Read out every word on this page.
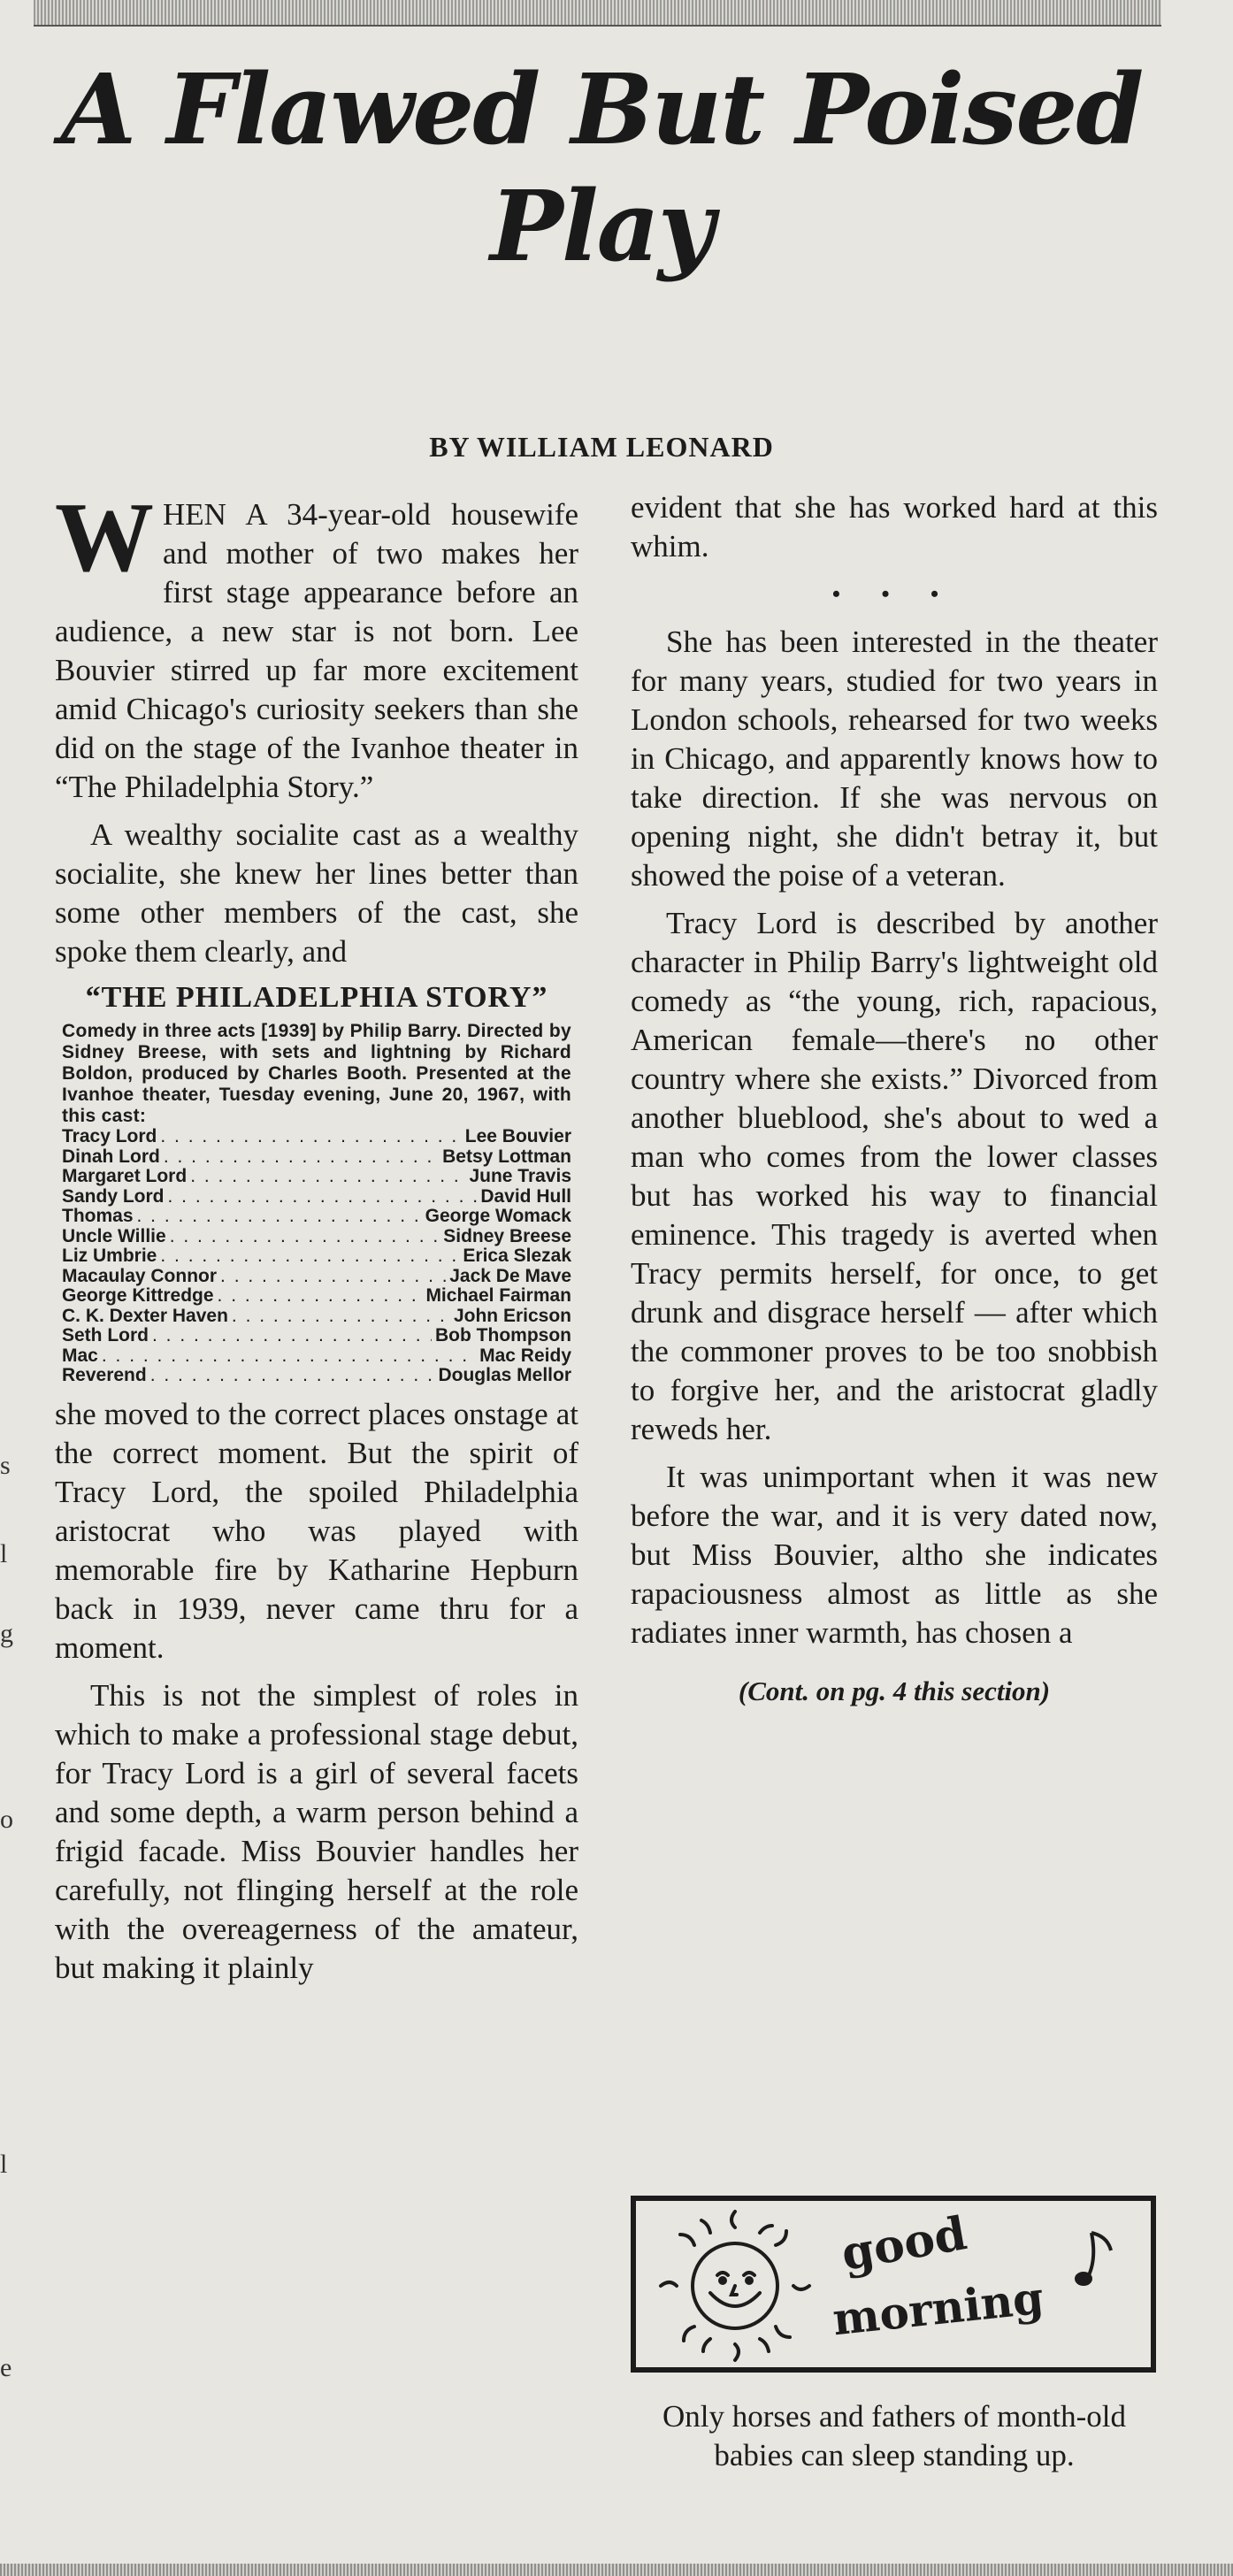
A Flawed But Poised Play
BY WILLIAM LEONARD

WHEN A 34-year-old housewife and mother of two makes her first stage appearance before an audience, a new star is not born. Lee Bouvier stirred up far more excitement amid Chicago's curiosity seekers than she did on the stage of the Ivanhoe theater in “The Philadelphia Story.”

A wealthy socialite cast as a wealthy socialite, she knew her lines better than some other members of the cast, she spoke them clearly, and

“THE PHILADELPHIA STORY”
Comedy in three acts [1939] by Philip Barry. Directed by Sidney Breese, with sets and lightning by Richard Boldon, produced by Charles Booth. Presented at the Ivanhoe theater, Tuesday evening, June 20, 1967, with this cast:
Tracy Lord . . .	Lee Bouvier
Dinah Lord . . .	Betsy Lottman
Margaret Lord . . .	June Travis
Sandy Lord . . .	David Hull
Thomas . . .	George Womack
Uncle Willie . . .	Sidney Breese
Liz Umbrie . . .	Erica Slezak
Macaulay Connor . . .	Jack De Mave
George Kittredge . . .	Michael Fairman
C. K. Dexter Haven . . .	John Ericson
Seth Lord . . .	Bob Thompson
Mac . . .	Mac Reidy
Reverend . . .	Douglas Mellor

she moved to the correct places onstage at the correct moment. But the spirit of Tracy Lord, the spoiled Philadelphia aristocrat who was played with memorable fire by Katharine Hepburn back in 1939, never came thru for a moment.

This is not the simplest of roles in which to make a professional stage debut, for Tracy Lord is a girl of several facets and some depth, a warm person behind a frigid facade. Miss Bouvier handles her carefully, not flinging herself at the role with the overeagerness of the amateur, but making it plainly

evident that she has worked hard at this whim.

• • •

She has been interested in the theater for many years, studied for two years in London schools, rehearsed for two weeks in Chicago, and apparently knows how to take direction. If she was nervous on opening night, she didn't betray it, but showed the poise of a veteran.

Tracy Lord is described by another character in Philip Barry's lightweight old comedy as “the young, rich, rapacious, American female—there's no other country where she exists.” Divorced from another blueblood, she's about to wed a man who comes from the lower classes but has worked his way to financial eminence. This tragedy is averted when Tracy permits herself, for once, to get drunk and disgrace herself — after which the commoner proves to be too snobbish to forgive her, and the aristocrat gladly reweds her.

It was unimportant when it was new before the war, and it is very dated now, but Miss Bouvier, altho she indicates rapaciousness almost as little as she radiates inner warmth, has chosen a

(Cont. on pg. 4 this section)
good
morning
Only horses and fathers of month-old babies can sleep standing up.
s
l
g
o
l
e
